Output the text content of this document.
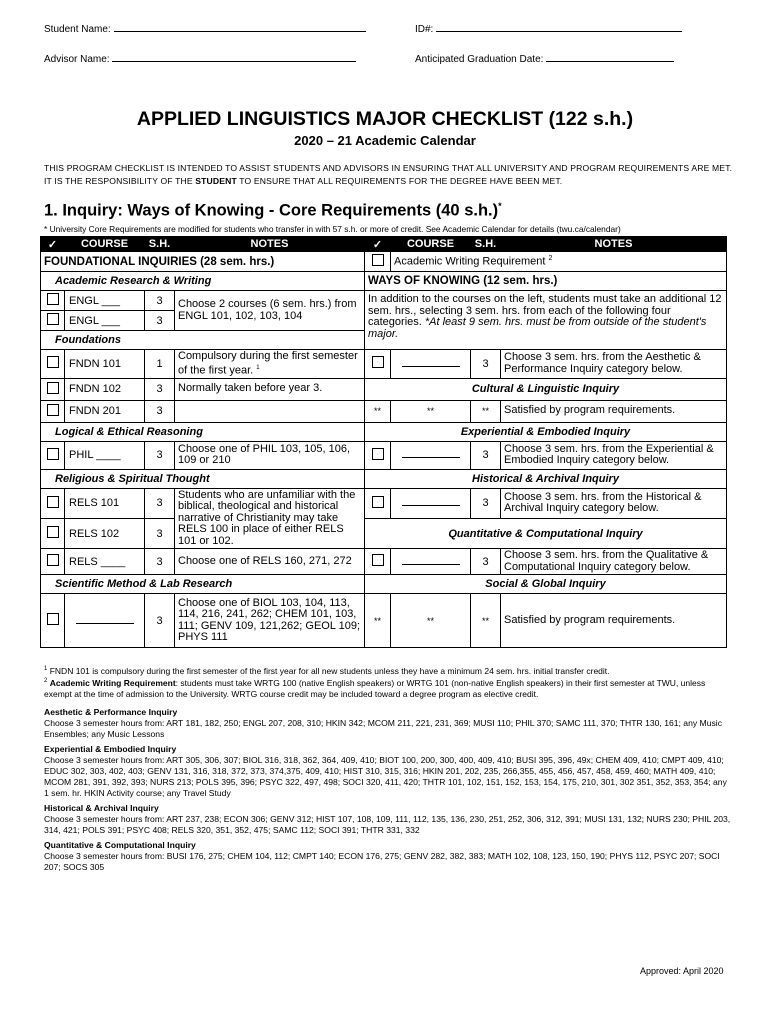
Student Name:	ID#:
Advisor Name:	Anticipated Graduation Date:
APPLIED LINGUISTICS MAJOR CHECKLIST (122 s.h.)
2020 – 21 Academic Calendar
THIS PROGRAM CHECKLIST IS INTENDED TO ASSIST STUDENTS AND ADVISORS IN ENSURING THAT ALL UNIVERSITY AND PROGRAM REQUIREMENTS ARE MET. IT IS THE RESPONSIBILITY OF THE STUDENT TO ENSURE THAT ALL REQUIREMENTS FOR THE DEGREE HAVE BEEN MET.
1. Inquiry: Ways of Knowing - Core Requirements (40 s.h.)*
* University Core Requirements are modified for students who transfer in with 57 s.h. or more of credit. See Academic Calendar for details (twu.ca/calendar)
✓	COURSE	S.H.	NOTES	✓	COURSE	S.H.	NOTES
FOUNDATIONAL INQUIRIES (28 sem. hrs.)					Academic Writing Requirement $^2$
Academic Research & Writing				WAYS OF KNOWING (12 sem. hrs.)			
	ENGL ___	3	Choose 2 courses (6 sem. hrs.) from ENGL 101, 102, 103, 104	In addition to the courses on the left, students must take an additional 12 sem. hrs., selecting 3 sem. hrs. from each of the following four categories. *At least 9 sem. hrs. must be from outside of the student's major.			
	ENGL ___	3					
Foundations							
	FNDN 101	1	Compulsory during the first semester of the first year. $^1$			3	Choose 3 sem. hrs. from the Aesthetic & Performance Inquiry category below.
	FNDN 102	3	Normally taken before year 3.	Cultural & Linguistic Inquiry			
	FNDN 201	3		**	**	**	Satisfied by program requirements.
Logical & Ethical Reasoning				Experiential & Embodied Inquiry			
	PHIL ____	3	Choose one of PHIL 103, 105, 106, 109 or 210			3	Choose 3 sem. hrs. from the Experiential & Embodied Inquiry category below.
Religious & Spiritual Thought				Historical & Archival Inquiry			
	RELS 101	3	Students who are unfamiliar with the biblical, theological and historical narrative of Christianity may take RELS 100 in place of either RELS 101 or 102.			3	Choose 3 sem. hrs. from the Historical & Archival Inquiry category below.
	RELS 102	3		Quantitative & Computational Inquiry			
	RELS ____	3	Choose one of RELS 160, 271, 272			3	Choose 3 sem. hrs. from the Qualitative & Computational Inquiry category below.
Scientific Method & Lab Research				Social & Global Inquiry			
		3	Choose one of BIOL 103, 104, 113, 114, 216, 241, 262; CHEM 101, 103, 111; GENV 109, 121,262; GEOL 109; PHYS 111	**	**	**	Satisfied by program requirements.
$^1$ FNDN 101 is compulsory during the first semester of the first year for all new students unless they have a minimum 24 sem. hrs. initial transfer credit.
$^2$ Academic Writing Requirement: students must take WRTG 100 (native English speakers) or WRTG 101 (non-native English speakers) in their first semester at TWU, unless exempt at the time of admission to the University. WRTG course credit may be included toward a degree program as elective credit.
Aesthetic & Performance Inquiry
Choose 3 semester hours from: ART 181, 182, 250; ENGL 207, 208, 310; HKIN 342; MCOM 211, 221, 231, 369; MUSI 110; PHIL 370; SAMC 111, 370; THTR 130, 161; any Music Ensembles; any Music Lessons
Experiential & Embodied Inquiry
Choose 3 semester hours from: ART 305, 306, 307; BIOL 316, 318, 362, 364, 409, 410; BIOT 100, 200, 300, 400, 409, 410; BUSI 395, 396, 49x; CHEM 409, 410; CMPT 409, 410; EDUC 302, 303, 402, 403; GENV 131, 316, 318, 372, 373, 374,375, 409, 410; HIST 310, 315, 316; HKIN 201, 202, 235, 266,355, 455, 456, 457, 458, 459, 460; MATH 409, 410; MCOM 281, 391, 392, 393; NURS 213; POLS 395, 396; PSYC 322, 497, 498; SOCI 320, 411, 420; THTR 101, 102, 151, 152, 153, 154, 175, 210, 301, 302 351, 352, 353, 354; any 1 sem. hr. HKIN Activity course; any Travel Study
Historical & Archival Inquiry
Choose 3 semester hours from: ART 237, 238; ECON 306; GENV 312; HIST 107, 108, 109, 111, 112, 135, 136, 230, 251, 252, 306, 312, 391; MUSI 131, 132; NURS 230; PHIL 203, 314, 421; POLS 391; PSYC 408; RELS 320, 351, 352, 475; SAMC 112; SOCI 391; THTR 331, 332
Quantitative & Computational Inquiry
Choose 3 semester hours from: BUSI 176, 275; CHEM 104, 112; CMPT 140; ECON 176, 275; GENV 282, 382, 383; MATH 102, 108, 123, 150, 190; PHYS 112, PSYC 207; SOCI 207; SOCS 305
Approved: April 2020
